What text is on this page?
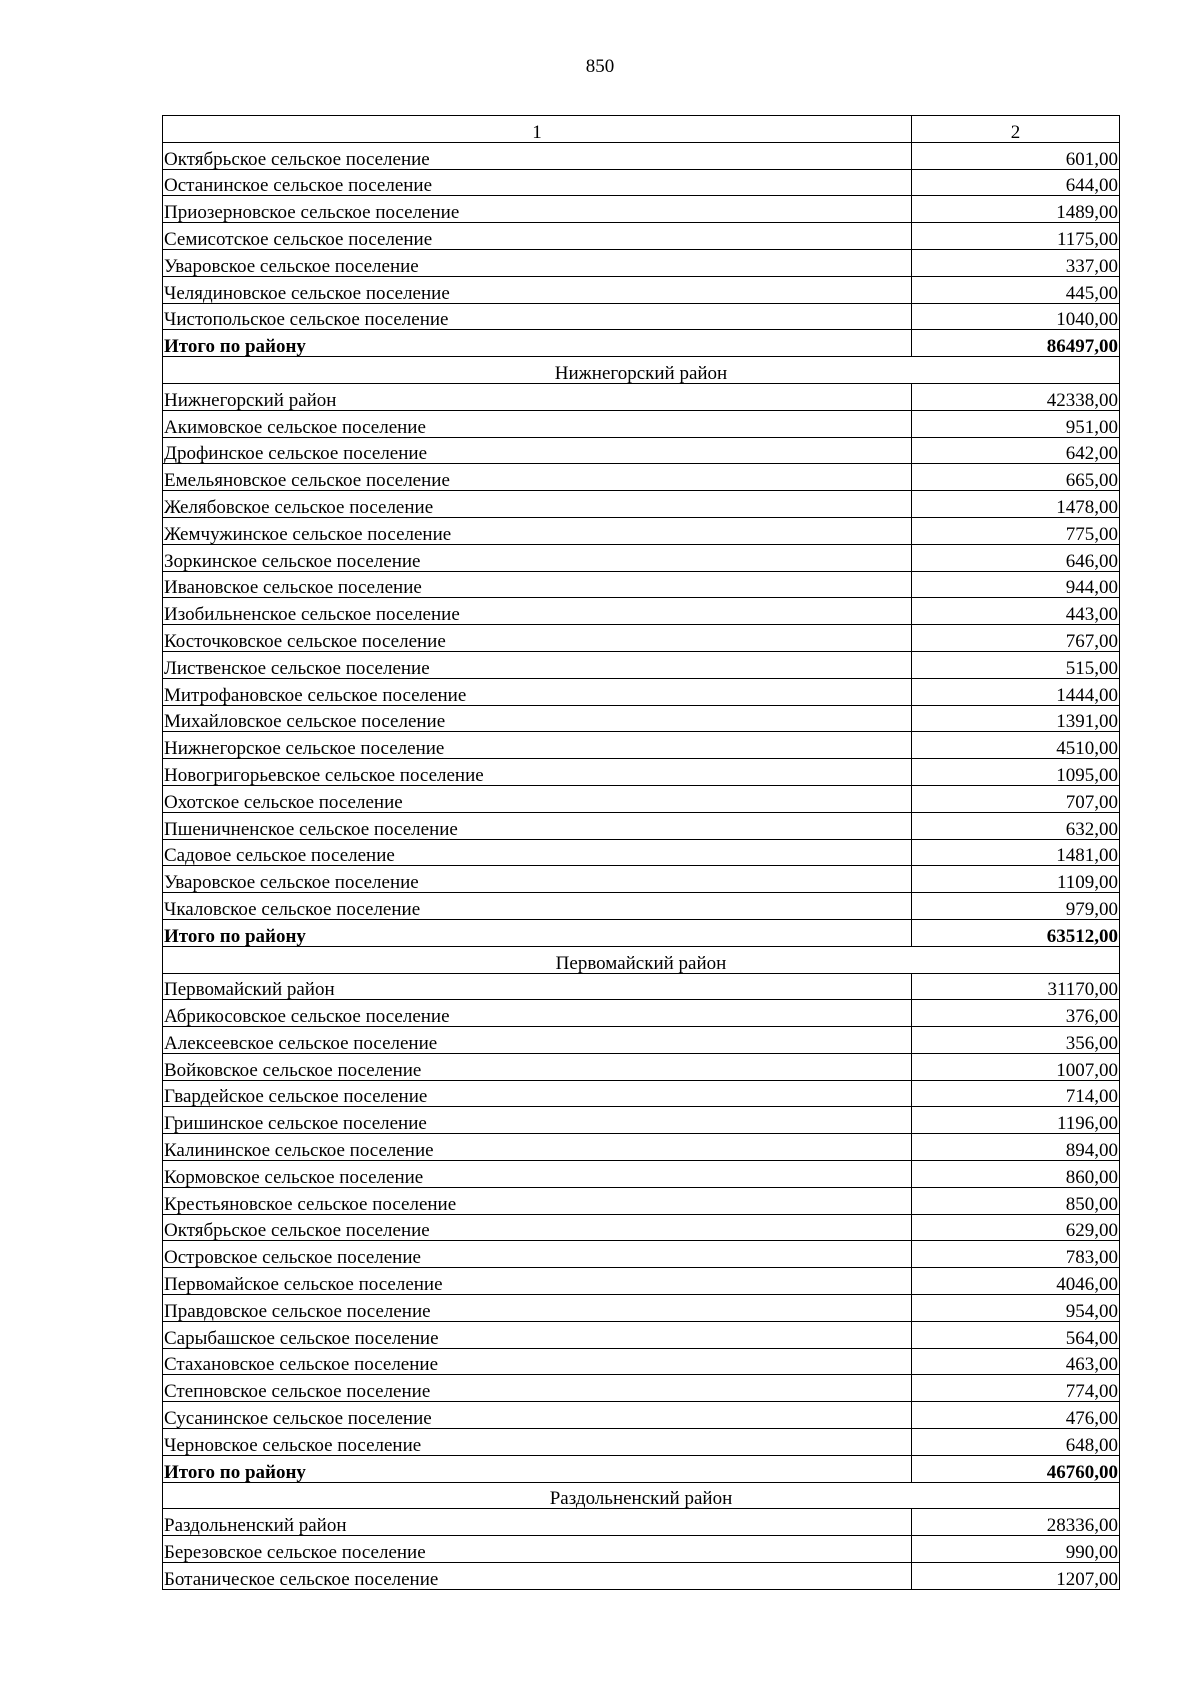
850
1	2
Октябрьское сельское поселение	601,00
Останинское сельское поселение	644,00
Приозерновское сельское поселение	1489,00
Семисотское сельское поселение	1175,00
Уваровское сельское поселение	337,00
Челядиновское сельское поселение	445,00
Чистопольское сельское поселение	1040,00
Итого по району	86497,00
Нижнегорский район	
Нижнегорский район	42338,00
Акимовское сельское поселение	951,00
Дрофинское сельское поселение	642,00
Емельяновское сельское поселение	665,00
Желябовское сельское поселение	1478,00
Жемчужинское сельское поселение	775,00
Зоркинское сельское поселение	646,00
Ивановское сельское поселение	944,00
Изобильненское сельское поселение	443,00
Косточковское сельское поселение	767,00
Лиственское сельское поселение	515,00
Митрофановское сельское поселение	1444,00
Михайловское сельское поселение	1391,00
Нижнегорское сельское поселение	4510,00
Новогригорьевское сельское поселение	1095,00
Охотское сельское поселение	707,00
Пшеничненское сельское поселение	632,00
Садовое сельское поселение	1481,00
Уваровское сельское поселение	1109,00
Чкаловское сельское поселение	979,00
Итого по району	63512,00
Первомайский район	
Первомайский район	31170,00
Абрикосовское сельское поселение	376,00
Алексеевское сельское поселение	356,00
Войковское сельское поселение	1007,00
Гвардейское сельское поселение	714,00
Гришинское сельское поселение	1196,00
Калининское сельское поселение	894,00
Кормовское сельское поселение	860,00
Крестьяновское сельское поселение	850,00
Октябрьское сельское поселение	629,00
Островское сельское поселение	783,00
Первомайское сельское поселение	4046,00
Правдовское сельское поселение	954,00
Сарыбашское сельское поселение	564,00
Стахановское сельское поселение	463,00
Степновское сельское поселение	774,00
Сусанинское сельское поселение	476,00
Черновское сельское поселение	648,00
Итого по району	46760,00
Раздольненский район	
Раздольненский район	28336,00
Березовское сельское поселение	990,00
Ботаническое сельское поселение	1207,00
